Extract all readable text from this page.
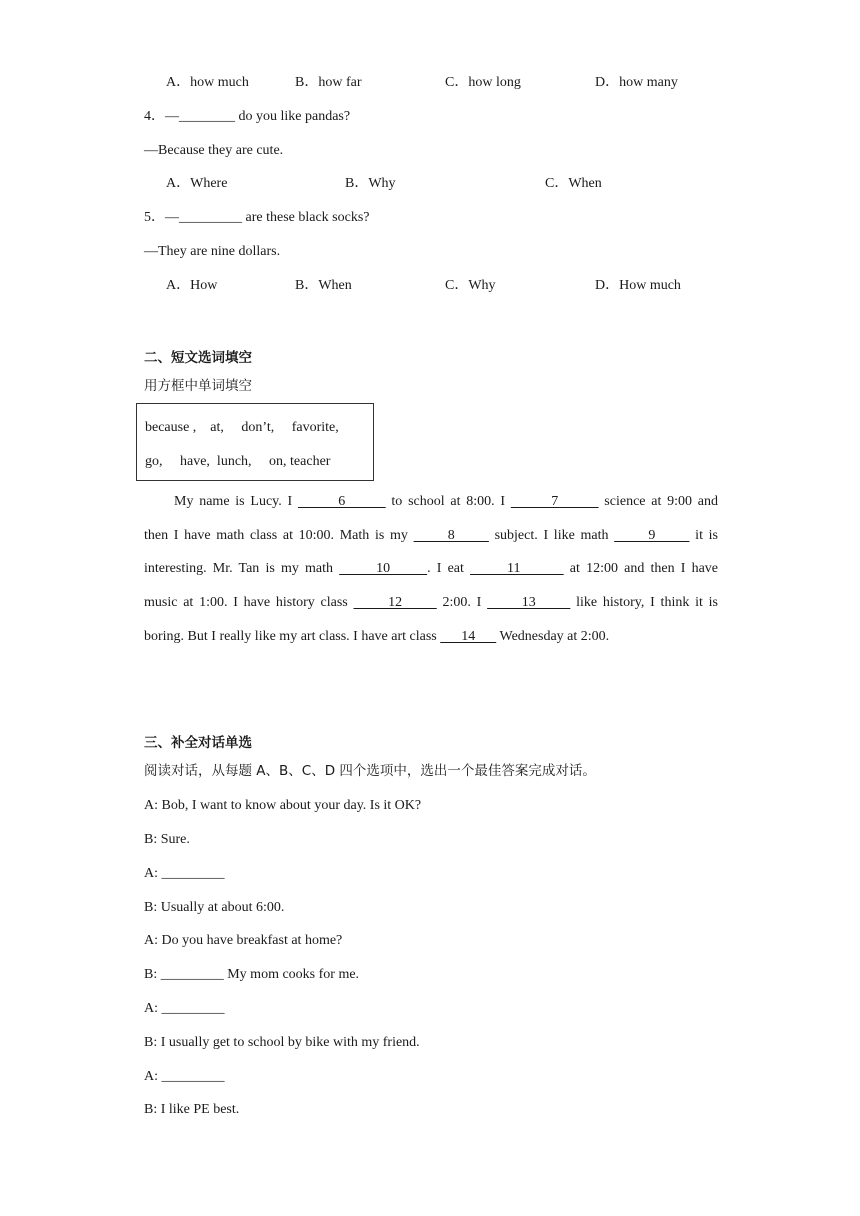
A．how much	B．how far	C．how long	D．how many
4．—________ do you like pandas?
—Because they are cute.
A．Where	B．Why	C．When
5．—_________ are these black socks?
—They are nine dollars.
A．How	B．When	C．Why	D．How much
二、短文选词填空
用方框中单词填空
because ,    at,     don’t,     favorite,
go,     have,  lunch,     on, teacher
My name is Lucy. I        6        to school at 8:00. I        7        science at 9:00 and
then I have math class at 10:00. Math is my       8       subject. I like math       9       it is
interesting. Mr. Tan is my math       10      . I eat       11        at 12:00 and then I have
music at 1:00. I have history class       12       2:00. I       13       like history, I think it is
boring. But I really like my art class. I have art class       14       Wednesday at 2:00.
三、补全对话单选
阅读对话，从每题 A、B、C、D 四个选项中，选出一个最佳答案完成对话。
A: Bob, I want to know about your day. Is it OK?
B: Sure.
A: _________
B: Usually at about 6:00.
A: Do you have breakfast at home?
B: _________ My mom cooks for me.
A: _________
B: I usually get to school by bike with my friend.
A: _________
B: I like PE best.
